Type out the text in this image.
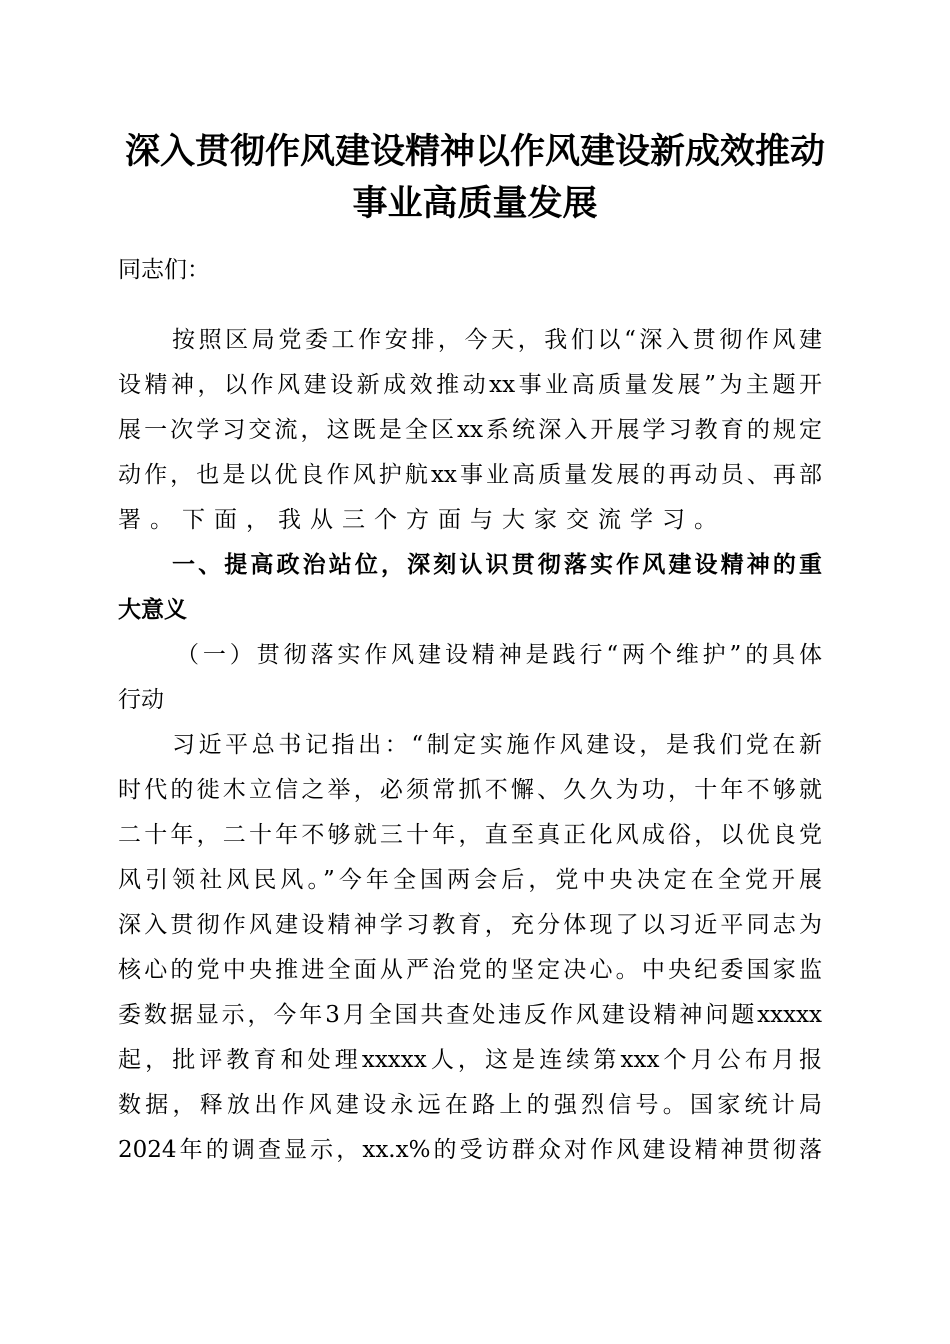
深入贯彻作风建设精神以作风建设新成效推动
事业高质量发展
同志们：
按照区局党委工作安排，今天，我们以“深入贯彻作风建
设精神，以作风建设新成效推动xx事业高质量发展”为主题开
展一次学习交流，这既是全区xx系统深入开展学习教育的规定
动作，也是以优良作风护航xx事业高质量发展的再动员、再部
署。下面，我从三个方面与大家交流学习。
一、提高政治站位，深刻认识贯彻落实作风建设精神的重
大意义
（一）贯彻落实作风建设精神是践行“两个维护”的具体
行动
习近平总书记指出：“制定实施作风建设，是我们党在新
时代的徙木立信之举，必须常抓不懈、久久为功，十年不够就
二十年，二十年不够就三十年，直至真正化风成俗，以优良党
风引领社风民风。”今年全国两会后，党中央决定在全党开展
深入贯彻作风建设精神学习教育，充分体现了以习近平同志为
核心的党中央推进全面从严治党的坚定决心。中央纪委国家监
委数据显示，今年3月全国共查处违反作风建设精神问题xxxxx
起，批评教育和处理xxxxx人，这是连续第xxx个月公布月报
数据，释放出作风建设永远在路上的强烈信号。国家统计局
2024年的调查显示，xx.x%的受访群众对作风建设精神贯彻落
